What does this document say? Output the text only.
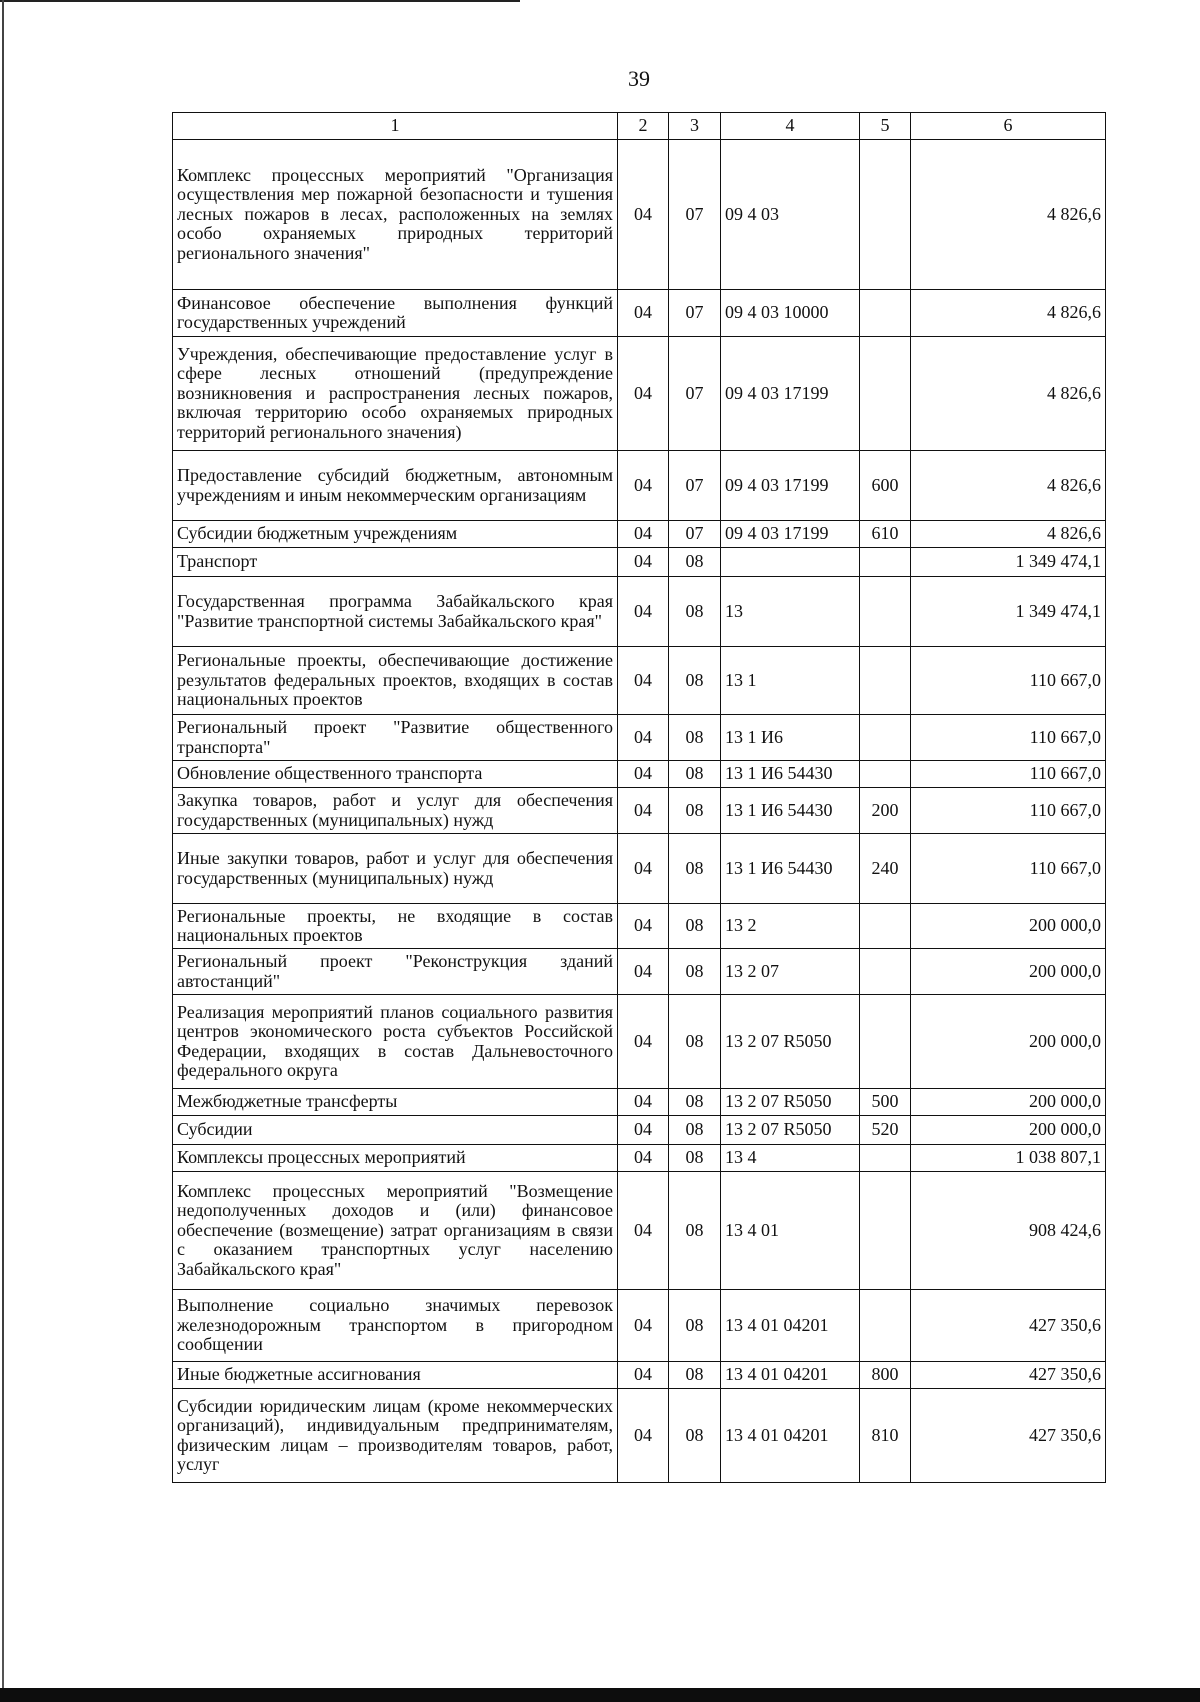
39
1	2	3	4	5	6
Комплекс процессных мероприятий "Организация осуществления мер пожарной безопасности и тушения лесных пожаров в лесах, расположенных на землях особо охраняемых природных территорий регионального значения"	04	07	09 4 03		4 826,6
Финансовое обеспечение выполнения функций государственных учреждений	04	07	09 4 03 10000		4 826,6
Учреждения, обеспечивающие предоставление услуг в сфере лесных отношений (предупреждение возникновения и распространения лесных пожаров, включая территорию особо охраняемых природных территорий регионального значения)	04	07	09 4 03 17199		4 826,6
Предоставление субсидий бюджетным, автономным учреждениям и иным некоммерческим организациям	04	07	09 4 03 17199	600	4 826,6
Субсидии бюджетным учреждениям	04	07	09 4 03 17199	610	4 826,6
Транспорт	04	08			1 349 474,1
Государственная программа Забайкальского края "Развитие транспортной системы Забайкальского края"	04	08	13		1 349 474,1
Региональные проекты, обеспечивающие достижение результатов федеральных проектов, входящих в состав национальных проектов	04	08	13 1		110 667,0
Региональный проект "Развитие общественного транспорта"	04	08	13 1 И6		110 667,0
Обновление общественного транспорта	04	08	13 1 И6 54430		110 667,0
Закупка товаров, работ и услуг для обеспечения государственных (муниципальных) нужд	04	08	13 1 И6 54430	200	110 667,0
Иные закупки товаров, работ и услуг для обеспечения государственных (муниципальных) нужд	04	08	13 1 И6 54430	240	110 667,0
Региональные проекты, не входящие в состав национальных проектов	04	08	13 2		200 000,0
Региональный проект "Реконструкция зданий автостанций"	04	08	13 2 07		200 000,0
Реализация мероприятий планов социального развития центров экономического роста субъектов Российской Федерации, входящих в состав Дальневосточного федерального округа	04	08	13 2 07 R5050		200 000,0
Межбюджетные трансферты	04	08	13 2 07 R5050	500	200 000,0
Субсидии	04	08	13 2 07 R5050	520	200 000,0
Комплексы процессных мероприятий	04	08	13 4		1 038 807,1
Комплекс процессных мероприятий "Возмещение недополученных доходов и (или) финансовое обеспечение (возмещение) затрат организациям в связи с оказанием транспортных услуг населению Забайкальского края"	04	08	13 4 01		908 424,6
Выполнение социально значимых перевозок железнодорожным транспортом в пригородном сообщении	04	08	13 4 01 04201		427 350,6
Иные бюджетные ассигнования	04	08	13 4 01 04201	800	427 350,6
Субсидии юридическим лицам (кроме некоммерческих организаций), индивидуальным предпринимателям, физическим лицам – производителям товаров, работ, услуг	04	08	13 4 01 04201	810	427 350,6
